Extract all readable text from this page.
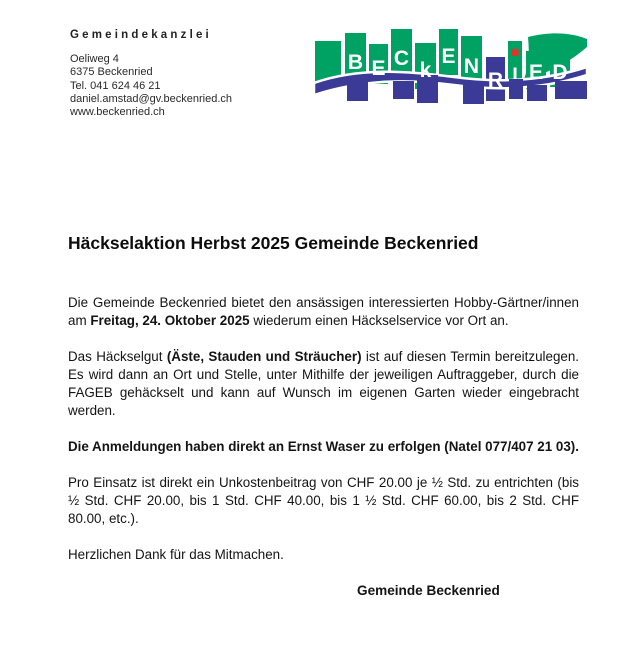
Gemeindekanzlei
Oeliweg 4
6375 Beckenried
Tel. 041 624 46 21
daniel.amstad@gv.beckenried.ch
www.beckenried.ch
B E C
k
E N
R ı E D
Häckselaktion Herbst 2025 Gemeinde Beckenried

Die Gemeinde Beckenried bietet den ansässigen interessierten Hobby-Gärtner/innen am Freitag, 24. Oktober 2025 wiederum einen Häckselservice vor Ort an.

Das Häckselgut (Äste, Stauden und Sträucher) ist auf diesen Termin bereitzulegen. Es wird dann an Ort und Stelle, unter Mithilfe der jeweiligen Auftraggeber, durch die FAGEB gehäckselt und kann auf Wunsch im eigenen Garten wieder eingebracht werden.

Die Anmeldungen haben direkt an Ernst Waser zu erfolgen (Natel 077/407 21 03).

Pro Einsatz ist direkt ein Unkostenbeitrag von CHF 20.00 je ½ Std. zu entrichten (bis ½ Std. CHF 20.00, bis 1 Std. CHF 40.00, bis 1 ½ Std. CHF 60.00, bis 2 Std. CHF 80.00, etc.).

Herzlichen Dank für das Mitmachen.

Gemeinde Beckenried
